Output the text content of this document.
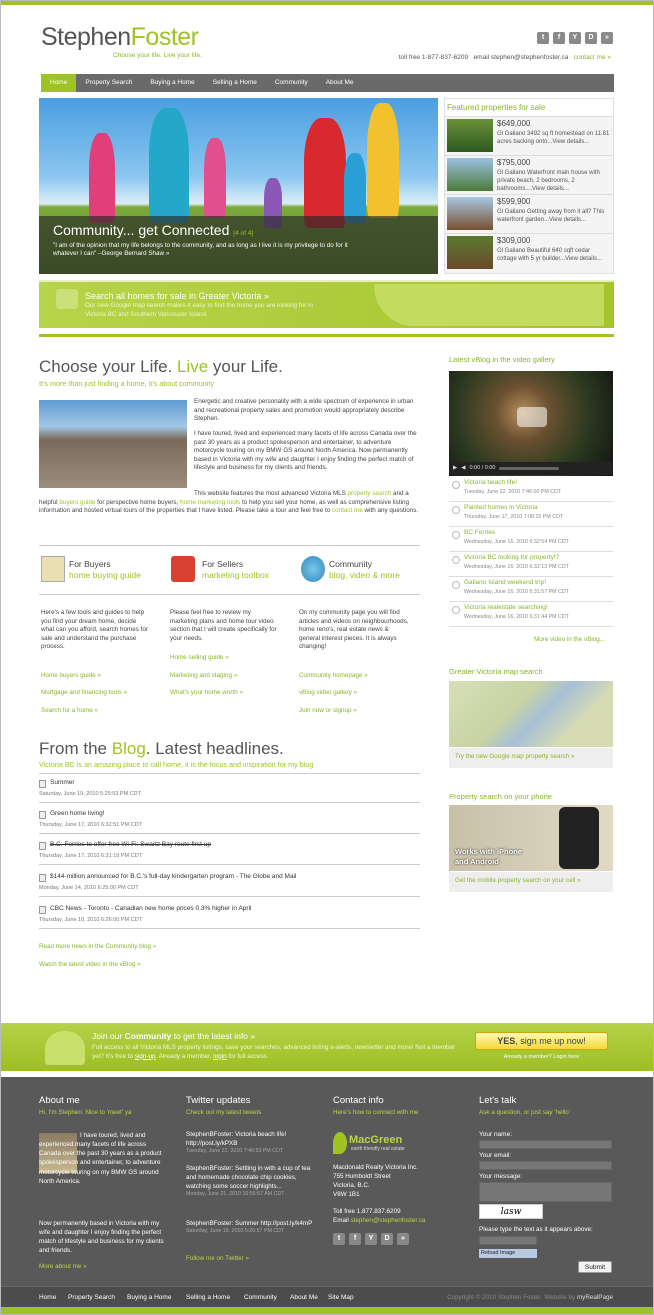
StephenFoster
Choose your life. Live your life.
t	f	Y	D	»
toll free 1-877-837-6209 email stephen@stephenfoster.ca contact me »
Home	Property Search	Buying a Home	Selling a Home	Community	About Me
Community... get Connected [4 of 4]
"I am of the opinion that my life belongs to the community, and as long as I live it is my privilege to do for it whatever I can" –George Bernard Shaw »
Featured properties for sale
$649,000
Gl Galiano 3492 sq ft homestead on 11.81 acres backing onto...View details...
$795,000
Gl Galiano Waterfront main house with private beach, 2 bedrooms, 2 bathrooms....View details...
$599,900
Gl Galiano Getting away from it all? This waterfront garden...View details...
$309,000
Gl Galiano Beautiful 640 sqft cedar cottage with 5 yr builder...View details...
Search all homes for sale in Greater Victoria »
Our new Google map search makes it easy to find the home you are looking for in Victoria BC and Southern Vancouver Island.
Choose your Life. Live your Life.
It's more than just finding a home, it's about community
Energetic and creative personality with a wide spectrum of experience in urban and recreational property sales and promotion would appropriately describe Stephen.
I have toured, lived and experienced many facets of life across Canada over the past 30 years as a product spokesperson and entertainer, to adventure motorcycle touring on my BMW GS around North America. Now permanently based in Victoria with my wife and daughter I enjoy finding the perfect match of lifestyle and business for my clients and friends.
This website features the most advanced Victoria MLS property search and a helpful buyers guide for perspective home buyers, home marketing tools to help you sell your home, as well as comprehensive listing information and hosted virtual tours of the properties that I have listed. Please take a tour and feel free to contact me with any questions.
For Buyers
home buying guide
For Sellers
marketing toolbox
Community
blog, video & more
Here's a few tools and guides to help you find your dream home, decide what can you afford, search homes for sale and understand the purchase process.
Please feel free to review my marketing plans and home tour video section that I will create specifically for your needs.
On my community page you will find articles and videos on neighbourhoods, home reno's, real estate news & general interest pieces. It is always changing!
Home buyers guide »
Mortgage and financing tools »
Search for a home »
Home selling guide »
Marketing and staging »
What's your home worth »
Community homepage »
vBlog video gallery »
Join now or signup »
From the Blog. Latest headlines.
Victoria BC is an amazing place to call home, it is the focus and inspiration for my blog
Summer
Saturday, June 19, 2010 5:25:53 PM CDT
Green home living!
Thursday, June 17, 2010 6:32:51 PM CDT
B.C. Ferries to offer free Wi-Fi; Swartz Bay route first up
Thursday, June 17, 2010 6:31:19 PM CDT
$144-million announced for B.C.'s full-day kindergarten program - The Globe and Mail
Monday, June 14, 2010 6:25:00 PM CDT
CBC News - Toronto - Canadian new home prices 0.3% higher in April
Thursday, June 10, 2010 6:26:00 PM CDT
Read more news in the Community blog »
Watch the latest video in the vBlog »
Latest vBlog in the video gallery
▶ ◀ 0:00 / 0:00
Victoria beach life!
Tuesday, June 22, 2010 7:46:00 PM CDT
Painted homes in Victoria
Thursday, June 17, 2010 7:08:15 PM CDT
BC Ferries
Wednesday, June 16, 2010 6:32:54 PM CDT
Victoria BC looking for property!?
Wednesday, June 16, 2010 6:32:13 PM CDT
Galiano Island weekend trip!
Wednesday, June 16, 2010 6:31:57 PM CDT
Victoria realestate searching!
Wednesday, June 16, 2010 6:31:44 PM CDT
More video in the vBlog...
Greater Victoria map search
Try the new Google map property search »
Property search on your phone
Works with iPhone and Android
Get the mobile property search on your cell »
Join our Community to get the latest info »
Full access to all Victoria MLS property listings, save your searches, advanced listing e-alerts, newsletter and more! Not a member yet? It's free to sign-up. Already a member, login for full access.
YES, sign me up now!
Already a member? Login here
About me
Hi, I'm Stephen. Nice to 'meet' ya
I have toured, lived and experienced many facets of life across Canada over the past 30 years as a product spokesperson and entertainer, to adventure motorcycle touring on my BMW GS around North America.
Now permanently based in Victoria with my wife and daughter I enjoy finding the perfect match of lifestyle and business for my clients and friends.
More about me »
Twitter updates
Check out my latest tweets
StephenBFoster: Victoria beach life! http://post.ly/kPXB
Tuesday, June 22, 2010 7:46:53 PM CDT
StephenBFoster: Settling in with a cup of tea and homemade chocolate chip cookies, watching some soccer highlights...
Monday, June 21, 2010 10:55:57 AM CDT
StephenBFoster: Summer http://post.ly/k4mP
Saturday, June 19, 2010 5:26:57 PM CDT
Follow me on Twitter »
Contact info
Here's how to connect with me
MacGreen
earth friendly real estate
Macdonald Realty Victoria Inc.
755 Humboldt Street
Victoria, B.C.
V8W 1B1
Toll free 1.877.837.6209
Email stephen@stephenfoster.ca
t	f	Y	D	»
Let's talk
Ask a question, or just say 'hello'
Your name:
Your email:
Your message:
lasw
Please type the text as it appears above:
Reload Image
Submit
Home Property Search Buying a Home Selling a Home Community About Me Site Map	Copyright © 2010 Stephen Foster. Website by myRealPage
